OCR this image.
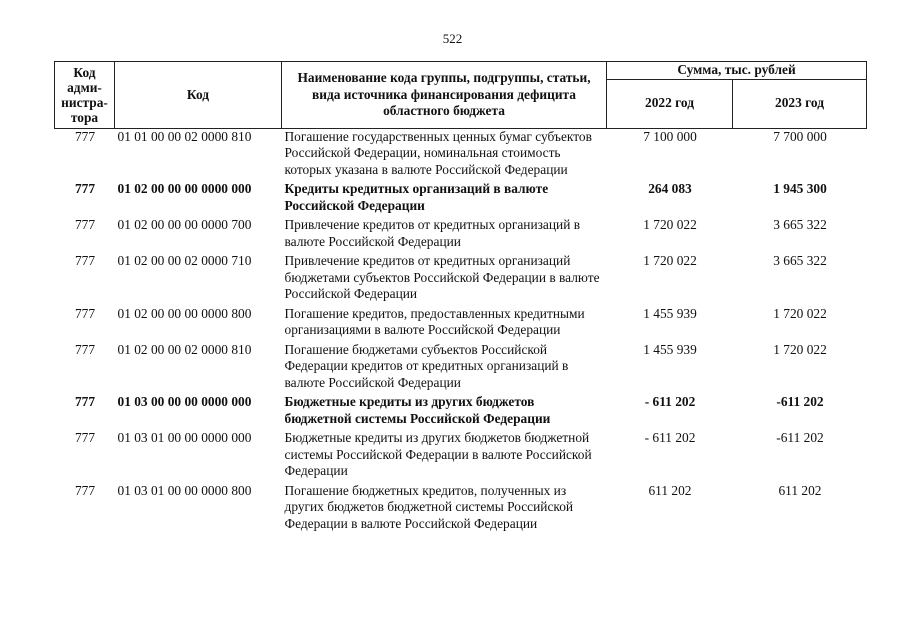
522
Код адми-нистра-тора	Код	Наименование кода группы, подгруппы, статьи, вида источника финансирования дефицита областного бюджета	Сумма, тыс. рублей	
			2022 год	2023 год
777	01 01 00 00 02 0000 810	Погашение государственных ценных бумаг субъектов Российской Федерации, номинальная стоимость которых указана в валюте Российской Федерации	7 100 000	7 700 000
777	01 02 00 00 00 0000 000	Кредиты кредитных организаций в валюте Российской Федерации	264 083	1 945 300
777	01 02 00 00 00 0000 700	Привлечение кредитов от кредитных организаций в валюте Российской Федерации	1 720 022	3 665 322
777	01 02 00 00 02 0000 710	Привлечение кредитов от кредитных организаций бюджетами субъектов Российской Федерации в валюте Российской Федерации	1 720 022	3 665 322
777	01 02 00 00 00 0000 800	Погашение кредитов, предоставленных кредитными организациями в валюте Российской Федерации	1 455 939	1 720 022
777	01 02 00 00 02 0000 810	Погашение бюджетами субъектов Российской Федерации кредитов от кредитных организаций в валюте Российской Федерации	1 455 939	1 720 022
777	01 03 00 00 00 0000 000	Бюджетные кредиты из других бюджетов бюджетной системы Российской Федерации	- 611 202	-611 202
777	01 03 01 00 00 0000 000	Бюджетные кредиты из других бюджетов бюджетной системы Российской Федерации в валюте Российской Федерации	- 611 202	-611 202
777	01 03 01 00 00 0000 800	Погашение бюджетных кредитов, полученных из других бюджетов бюджетной системы Российской Федерации в валюте Российской Федерации	611 202	611 202
